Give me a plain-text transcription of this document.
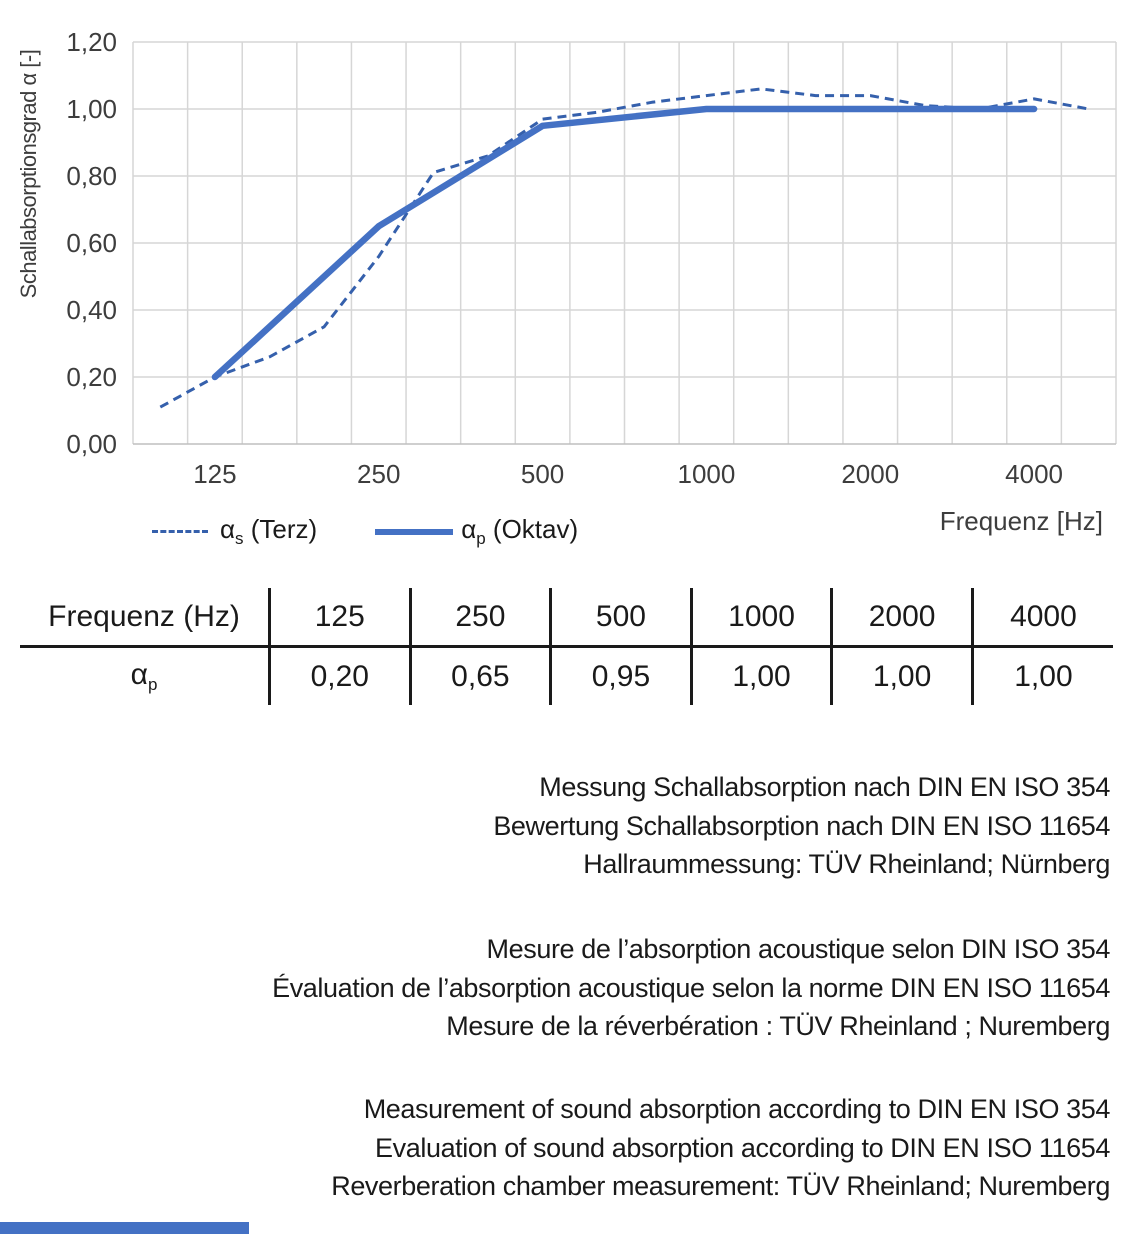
0,00
0,20
0,40
0,60
0,80
1,00
1,20
125	250	500	1000	2000	4000
Schallabsorptionsgrad α [-]
$\alpha_s$ (Terz)	$\alpha_p$ (Oktav)	Frequenz [Hz]
Frequenz (Hz)	125	250	500	1000	2000	4000
$\alpha_p$	0,20	0,65	0,95	1,00	1,00	1,00
Messung Schallabsorption nach DIN EN ISO 354
Bewertung Schallabsorption nach DIN EN ISO 11654
Hallraummessung: TÜV Rheinland; Nürnberg
Mesure de l’absorption acoustique selon DIN ISO 354
Évaluation de l’absorption acoustique selon la norme DIN EN ISO 11654
Mesure de la réverbération : TÜV Rheinland ; Nuremberg
Measurement of sound absorption according to DIN EN ISO 354
Evaluation of sound absorption according to DIN EN ISO 11654
Reverberation chamber measurement: TÜV Rheinland; Nuremberg
